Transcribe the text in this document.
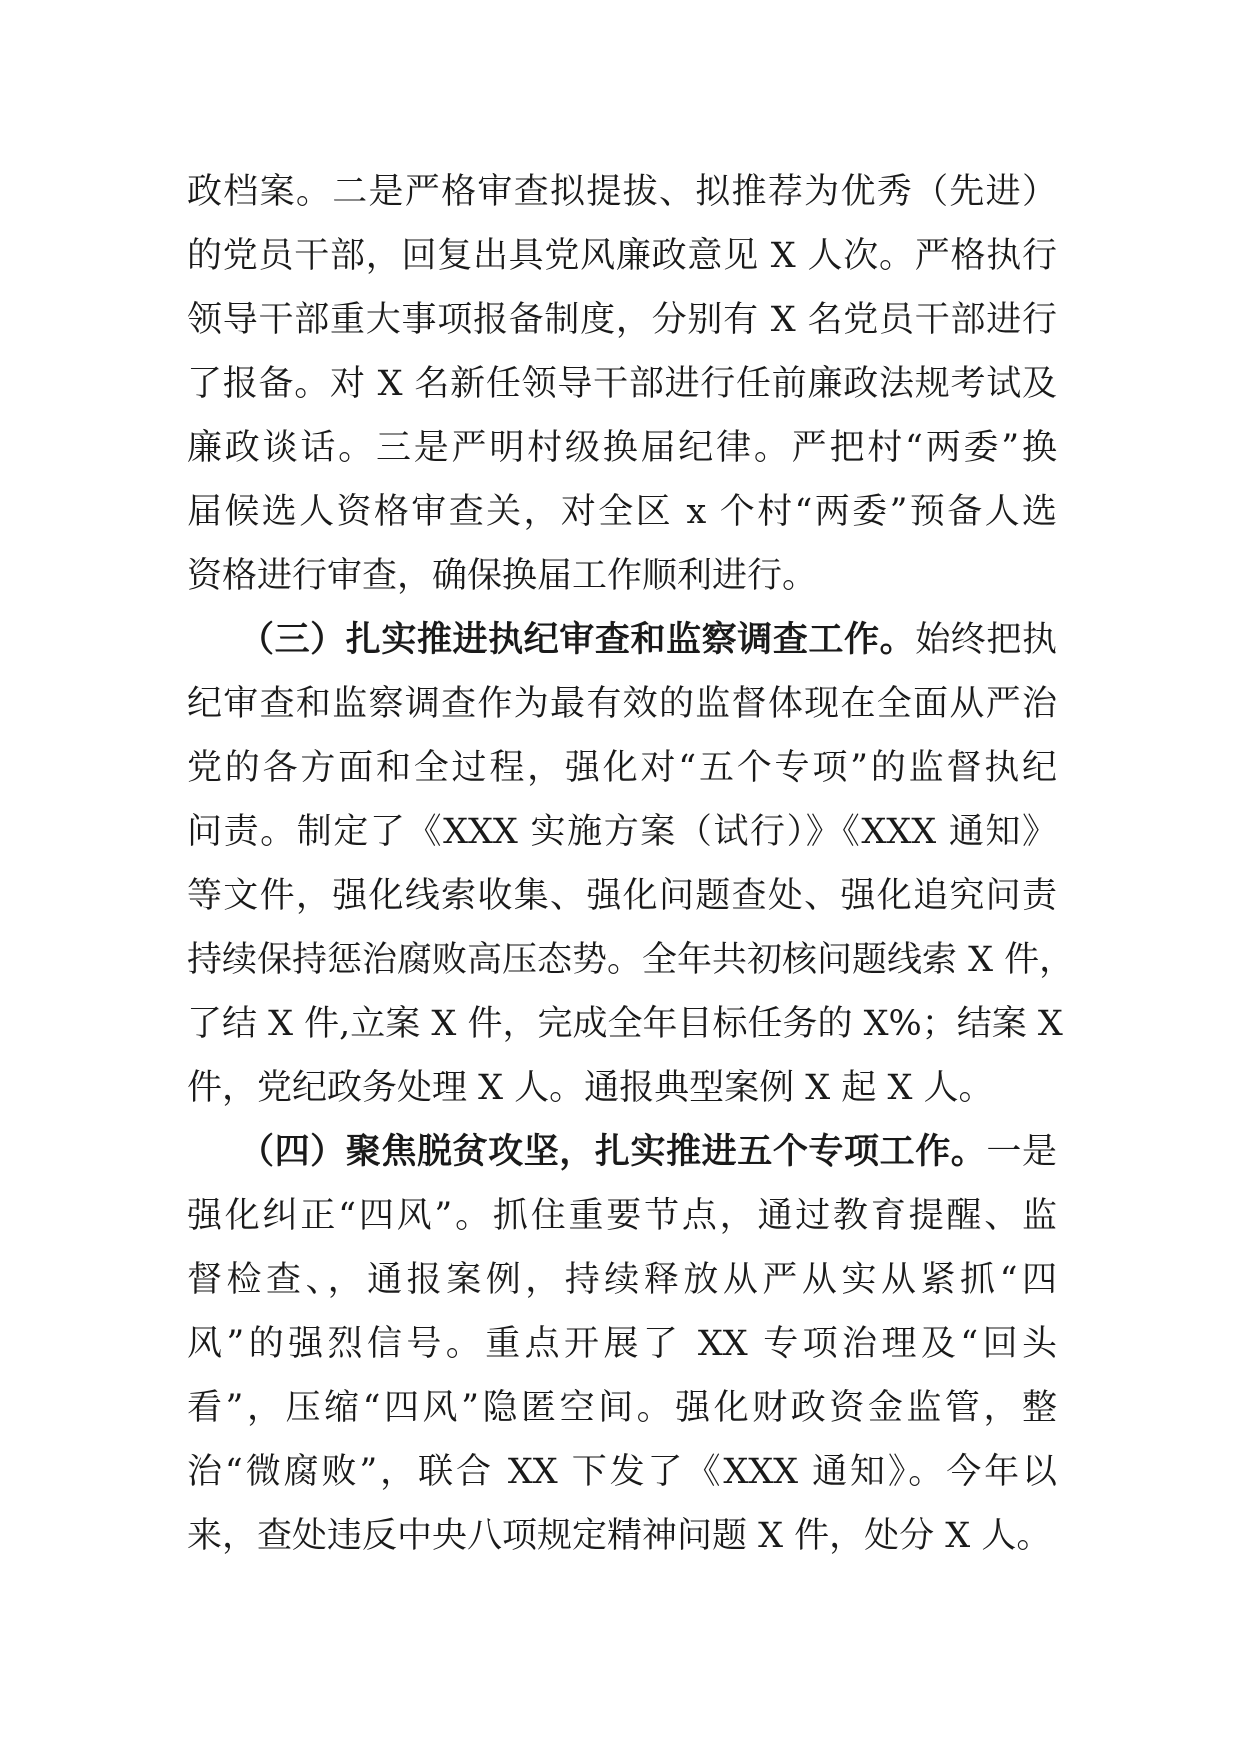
政档案。二是严格审查拟提拔、拟推荐为优秀（先进）
的党员干部，回复出具党风廉政意见 X 人次。严格执行
领导干部重大事项报备制度，分别有 X 名党员干部进行
了报备。对 X 名新任领导干部进行任前廉政法规考试及
廉政谈话。三是严明村级换届纪律。严把村“两委”换
届候选人资格审查关，对全区 x 个村“两委”预备人选
资格进行审查，确保换届工作顺利进行。
（三）扎实推进执纪审查和监察调查工作。始终把执
纪审查和监察调查作为最有效的监督体现在全面从严治
党的各方面和全过程，强化对“五个专项”的监督执纪
问责。制定了《XXX 实施方案（试行）》《XXX 通知》
等文件，强化线索收集、强化问题查处、强化追究问责
持续保持惩治腐败高压态势。全年共初核问题线索 X 件，
了结 X 件,立案 X 件，完成全年目标任务的 X%；结案 X
件，党纪政务处理 X 人。通报典型案例 X 起 X 人。
（四）聚焦脱贫攻坚，扎实推进五个专项工作。一是
强化纠正“四风”。抓住重要节点，通过教育提醒、监
督检查、，通报案例，持续释放从严从实从紧抓“四
风”的强烈信号。重点开展了 XX 专项治理及“回头
看”，压缩“四风”隐匿空间。强化财政资金监管，整
治“微腐败”，联合 XX 下发了《XXX 通知》。今年以
来，查处违反中央八项规定精神问题 X 件，处分 X 人。
